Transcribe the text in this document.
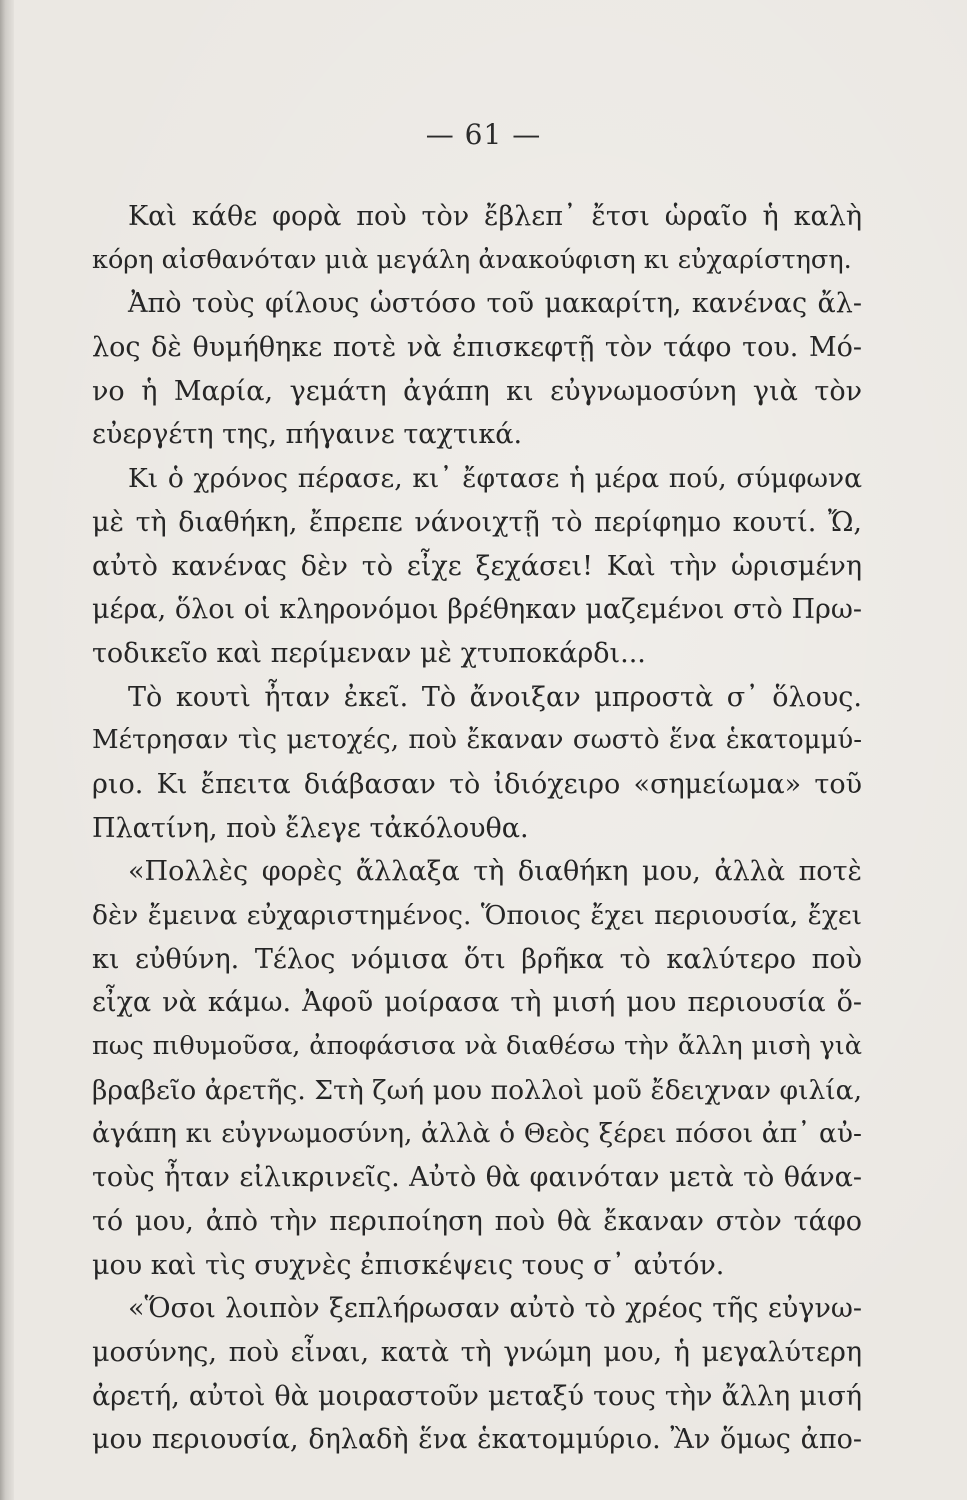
— 61 —
Καὶ κάθε φορὰ ποὺ τὸν ἔβλεπ᾽ ἔτσι ὡραῖο ἡ καλὴ
κόρη αἰσθανόταν μιὰ μεγάλη ἀνακούφιση κι εὐχαρίστηση.
Ἀπὸ τοὺς φίλους ὡστόσο τοῦ μακαρίτη, κανένας ἄλ-
λος δὲ θυμήθηκε ποτὲ νὰ ἐπισκεφτῇ τὸν τάφο του. Μό-
νο ἡ Μαρία, γεμάτη ἀγάπη κι εὐγνωμοσύνη γιὰ τὸν
εὐεργέτη της, πήγαινε ταχτικά.
Κι ὁ χρόνος πέρασε, κι᾽ ἔφτασε ἡ μέρα πού, σύμφωνα
μὲ τὴ διαθήκη, ἔπρεπε νάνοιχτῇ τὸ περίφημο κουτί. Ὤ,
αὐτὸ κανένας δὲν τὸ εἶχε ξεχάσει! Καὶ τὴν ὡρισμένη
μέρα, ὅλοι οἱ κληρονόμοι βρέθηκαν μαζεμένοι στὸ Πρω-
τοδικεῖο καὶ περίμεναν μὲ χτυποκάρδι...
Τὸ κουτὶ ἦταν ἐκεῖ. Τὸ ἄνοιξαν μπροστὰ σ᾽ ὅλους.
Μέτρησαν τὶς μετοχές, ποὺ ἔκαναν σωστὸ ἕνα ἑκατομμύ-
ριο. Κι ἔπειτα διάβασαν τὸ ἰδιόχειρο «σημείωμα» τοῦ
Πλατίνη, ποὺ ἔλεγε τἀκόλουθα.
«Πολλὲς φορὲς ἄλλαξα τὴ διαθήκη μου, ἀλλὰ ποτὲ
δὲν ἔμεινα εὐχαριστημένος. Ὅποιος ἔχει περιουσία, ἔχει
κι εὐθύνη. Τέλος νόμισα ὅτι βρῆκα τὸ καλύτερο ποὺ
εἶχα νὰ κάμω. Ἀφοῦ μοίρασα τὴ μισή μου περιουσία ὅ-
πως πιθυμοῦσα, ἀποφάσισα νὰ διαθέσω τὴν ἄλλη μισὴ γιὰ
βραβεῖο ἀρετῆς. Στὴ ζωή μου πολλοὶ μοῦ ἔδειχναν φιλία,
ἀγάπη κι εὐγνωμοσύνη, ἀλλὰ ὁ Θεὸς ξέρει πόσοι ἀπ᾽ αὐ-
τοὺς ἦταν εἰλικρινεῖς. Αὐτὸ θὰ φαινόταν μετὰ τὸ θάνα-
τό μου, ἀπὸ τὴν περιποίηση ποὺ θὰ ἔκαναν στὸν τάφο
μου καὶ τὶς συχνὲς ἐπισκέψεις τους σ᾽ αὐτόν.
«Ὅσοι λοιπὸν ξεπλήρωσαν αὐτὸ τὸ χρέος τῆς εὐγνω-
μοσύνης, ποὺ εἶναι, κατὰ τὴ γνώμη μου, ἡ μεγαλύτερη
ἀρετή, αὐτοὶ θὰ μοιραστοῦν μεταξύ τους τὴν ἄλλη μισή
μου περιουσία, δηλαδὴ ἕνα ἑκατομμύριο. Ἂν ὅμως ἀπο-
